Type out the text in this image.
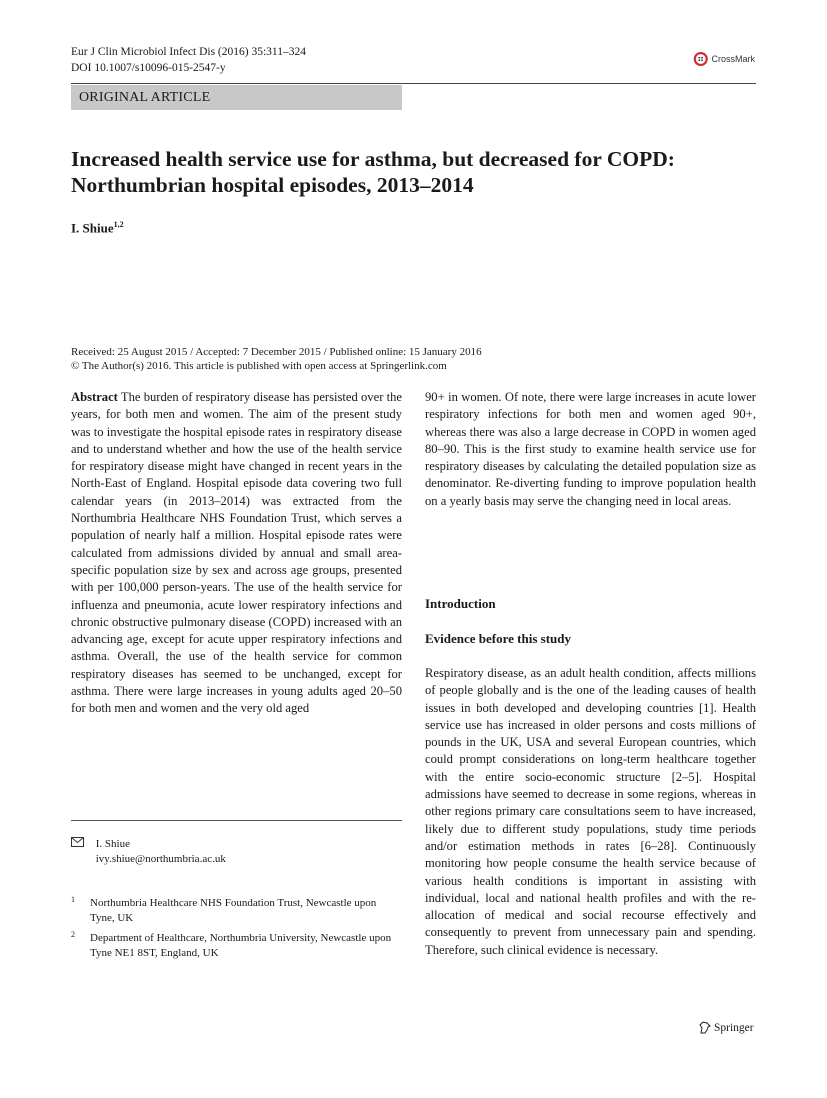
Eur J Clin Microbiol Infect Dis (2016) 35:311–324
DOI 10.1007/s10096-015-2547-y
CrossMark
ORIGINAL ARTICLE
Increased health service use for asthma, but decreased for COPD:
Northumbrian hospital episodes, 2013–2014
I. Shiue$^{1,2}$
Received: 25 August 2015 / Accepted: 7 December 2015 / Published online: 15 January 2016
© The Author(s) 2016. This article is published with open access at Springerlink.com

Abstract The burden of respiratory disease has persisted over the years, for both men and women. The aim of the present study was to investigate the hospital episode rates in respiratory disease and to understand whether and how the use of the health service for respiratory disease might have changed in recent years in the North-East of England. Hospital episode data covering two full calendar years (in 2013–2014) was extracted from the Northumbria Healthcare NHS Foundation Trust, which serves a population of nearly half a million. Hospital episode rates were calculated from admissions divided by annual and small area-specific population size by sex and across age groups, presented with per 100,000 person-years. The use of the health service for influenza and pneumonia, acute lower respiratory infections and chronic obstructive pulmonary disease (COPD) increased with an advancing age, except for acute upper respiratory infections and asthma. Overall, the use of the health service for common respiratory diseases has seemed to be unchanged, except for asthma. There were large increases in young adults aged 20–50 for both men and women and the very old aged

90+ in women. Of note, there were large increases in acute lower respiratory infections for both men and women aged 90+, whereas there was also a large decrease in COPD in women aged 80–90. This is the first study to examine health service use for respiratory diseases by calculating the detailed population size as denominator. Re-diverting funding to improve population health on a yearly basis may serve the changing need in local areas.

Introduction
Evidence before this study

Respiratory disease, as an adult health condition, affects millions of people globally and is the one of the leading causes of health issues in both developed and developing countries [1]. Health service use has increased in older persons and costs millions of pounds in the UK, USA and several European countries, which could prompt considerations on long-term healthcare together with the entire socio-economic structure [2–5]. Hospital admissions have seemed to decrease in some regions, whereas in other regions primary care consultations seem to have increased, likely due to different study populations, study time periods and/or estimation methods in rates [6–28]. Continuously monitoring how people consume the health service because of various health conditions is important in assisting with individual, local and national health profiles and with the re-allocation of medical and social recourse effectively and consequently to prevent from unnecessary pain and spending. Therefore, such clinical evidence is necessary.

I. Shiue
ivy.shiue@northumbria.ac.uk
1 Northumbria Healthcare NHS Foundation Trust, Newcastle upon Tyne, UK
2 Department of Healthcare, Northumbria University, Newcastle upon Tyne NE1 8ST, England, UK
Springer
